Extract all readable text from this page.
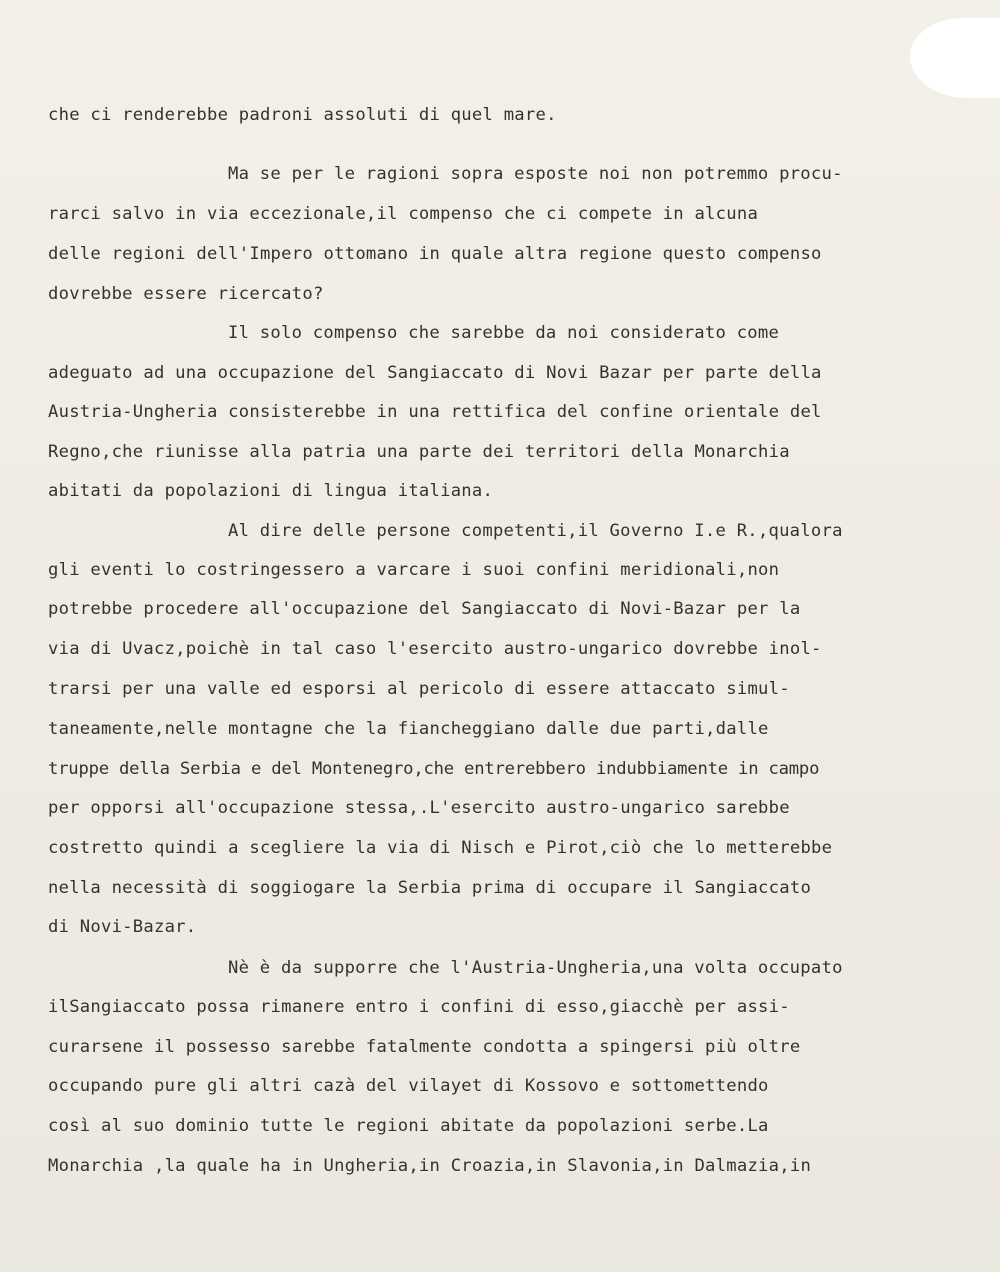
che ci renderebbe padroni assoluti di quel mare.

Ma se per le ragioni sopra esposte noi non potremmo procu-

rarci salvo in via eccezionale,il compenso che ci compete in alcuna

delle regioni dell'Impero ottomano in quale altra regione questo compenso

dovrebbe essere ricercato?

Il solo compenso che sarebbe da noi considerato come

adeguato ad una occupazione del Sangiaccato di Novi Bazar per parte della

Austria-Ungheria consisterebbe in una rettifica del confine orientale del

Regno,che riunisse alla patria una parte dei territori della Monarchia

abitati da popolazioni di lingua italiana.

Al dire delle persone competenti,il Governo I.e R.,qualora

gli eventi lo costringessero a varcare i suoi confini meridionali,non

potrebbe procedere all'occupazione del Sangiaccato di Novi-Bazar per la

via di Uvacz,poichè in tal caso l'esercito austro-ungarico dovrebbe inol-

trarsi per una valle ed esporsi al pericolo di essere attaccato simul-

taneamente,nelle montagne che la fiancheggiano dalle due parti,dalle

truppe della Serbia e del Montenegro,che entrerebbero indubbiamente in campo

per opporsi all'occupazione stessa,.L'esercito austro-ungarico sarebbe

costretto quindi a scegliere la via di Nisch e Pirot,ciò che lo metterebbe

nella necessità di soggiogare la Serbia prima di occupare il Sangiaccato

di Novi-Bazar.

Nè è da supporre che l'Austria-Ungheria,una volta occupato

ilSangiaccato possa rimanere entro i confini di esso,giacchè per assi-

curarsene il possesso sarebbe fatalmente condotta a spingersi più oltre

occupando pure gli altri cazà del vilayet di Kossovo e sottomettendo

così al suo dominio tutte le regioni abitate da popolazioni serbe.La

Monarchia ,la quale ha in Ungheria,in Croazia,in Slavonia,in Dalmazia,in
